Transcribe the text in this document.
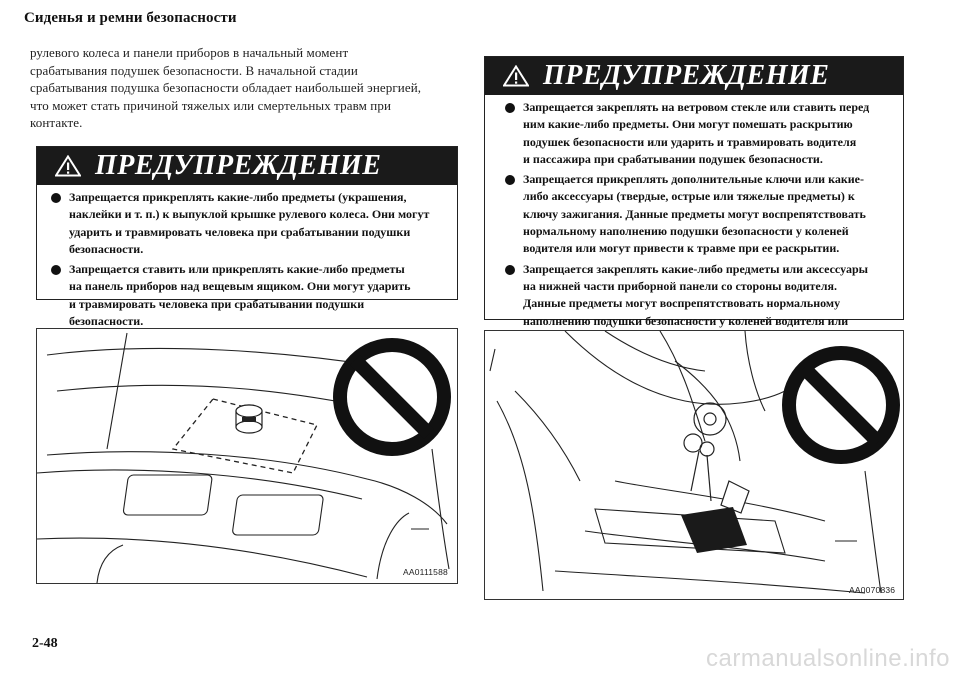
Сиденья и ремни безопасности
рулевого колеса и панели приборов в начальный момент
срабатывания подушек безопасности. В начальной стадии
срабатывания подушка безопасности обладает наибольшей энергией,
что может стать причиной тяжелых или смертельных травм при
контакте.
ПРЕДУПРЕЖДЕНИЕ
Запрещается прикреплять какие-либо предметы (украшения,
наклейки и т. п.) к выпуклой крышке рулевого колеса. Они могут
ударить и травмировать человека при срабатывании подушки
безопасности.
Запрещается ставить или прикреплять какие-либо предметы
на панель приборов над вещевым ящиком. Они могут ударить
и травмировать человека при срабатывании подушки
безопасности.
ПРЕДУПРЕЖДЕНИЕ
Запрещается закреплять на ветровом стекле или ставить перед
ним какие-либо предметы. Они могут помешать раскрытию
подушек безопасности или ударить и травмировать водителя
и пассажира при срабатывании подушек безопасности.
Запрещается прикреплять дополнительные ключи или какие-
либо аксессуары (твердые, острые или тяжелые предметы) к
ключу зажигания. Данные предметы могут воспрепятствовать
нормальному наполнению подушки безопасности у коленей
водителя или могут привести к травме при ее раскрытии.
Запрещается закреплять какие-либо предметы или аксессуары
на нижней части приборной панели со стороны водителя.
Данные предметы могут воспрепятствовать нормальному
наполнению подушки безопасности у коленей водителя или
AA0111588
AA0070836
2-48
carmanualsonline.info
